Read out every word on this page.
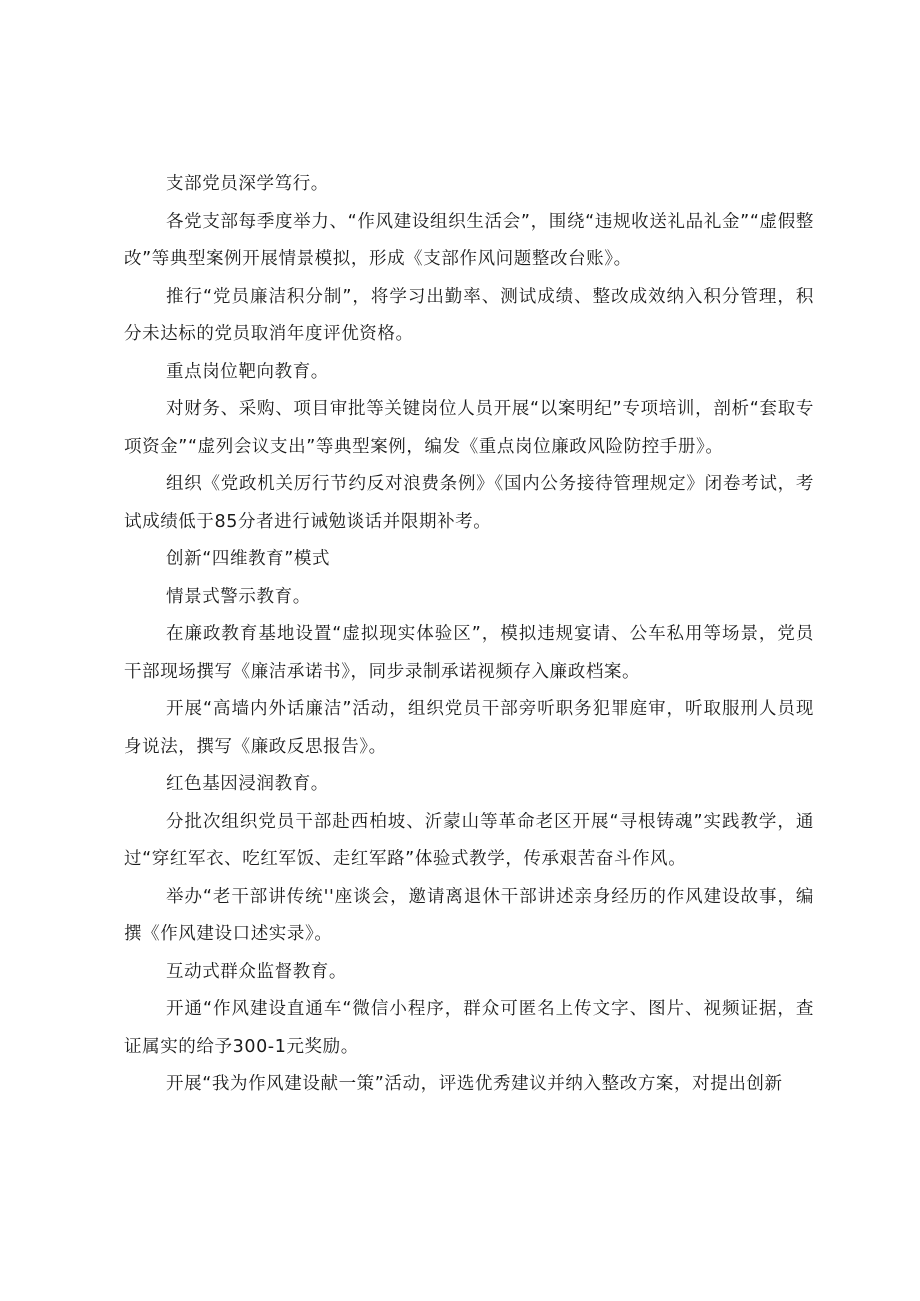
支部党员深学笃行。

各党支部每季度举力、“作风建设组织生活会”，围绕“违规收送礼品礼金”“虚假整改”等典型案例开展情景模拟，形成《支部作风问题整改台账》。

推行“党员廉洁积分制”，将学习出勤率、测试成绩、整改成效纳入积分管理，积分未达标的党员取消年度评优资格。

重点岗位靶向教育。

对财务、采购、项目审批等关键岗位人员开展“以案明纪”专项培训，剖析“套取专项资金”“虚列会议支出”等典型案例，编发《重点岗位廉政风险防控手册》。

组织《党政机关厉行节约反对浪费条例》《国内公务接待管理规定》闭卷考试，考试成绩低于85分者进行诫勉谈话并限期补考。

创新“四维教育”模式

情景式警示教育。

在廉政教育基地设置“虚拟现实体验区”，模拟违规宴请、公车私用等场景，党员干部现场撰写《廉洁承诺书》，同步录制承诺视频存入廉政档案。

开展“高墙内外话廉洁”活动，组织党员干部旁听职务犯罪庭审，听取服刑人员现身说法，撰写《廉政反思报告》。

红色基因浸润教育。

分批次组织党员干部赴西柏坡、沂蒙山等革命老区开展“寻根铸魂”实践教学，通过“穿红军衣、吃红军饭、走红军路”体验式教学，传承艰苦奋斗作风。

举办“老干部讲传统''座谈会，邀请离退休干部讲述亲身经历的作风建设故事，编撰《作风建设口述实录》。

互动式群众监督教育。

开通“作风建设直通车“微信小程序，群众可匿名上传文字、图片、视频证据，查证属实的给予300-1元奖励。

开展“我为作风建设献一策”活动，评选优秀建议并纳入整改方案，对提出创新
